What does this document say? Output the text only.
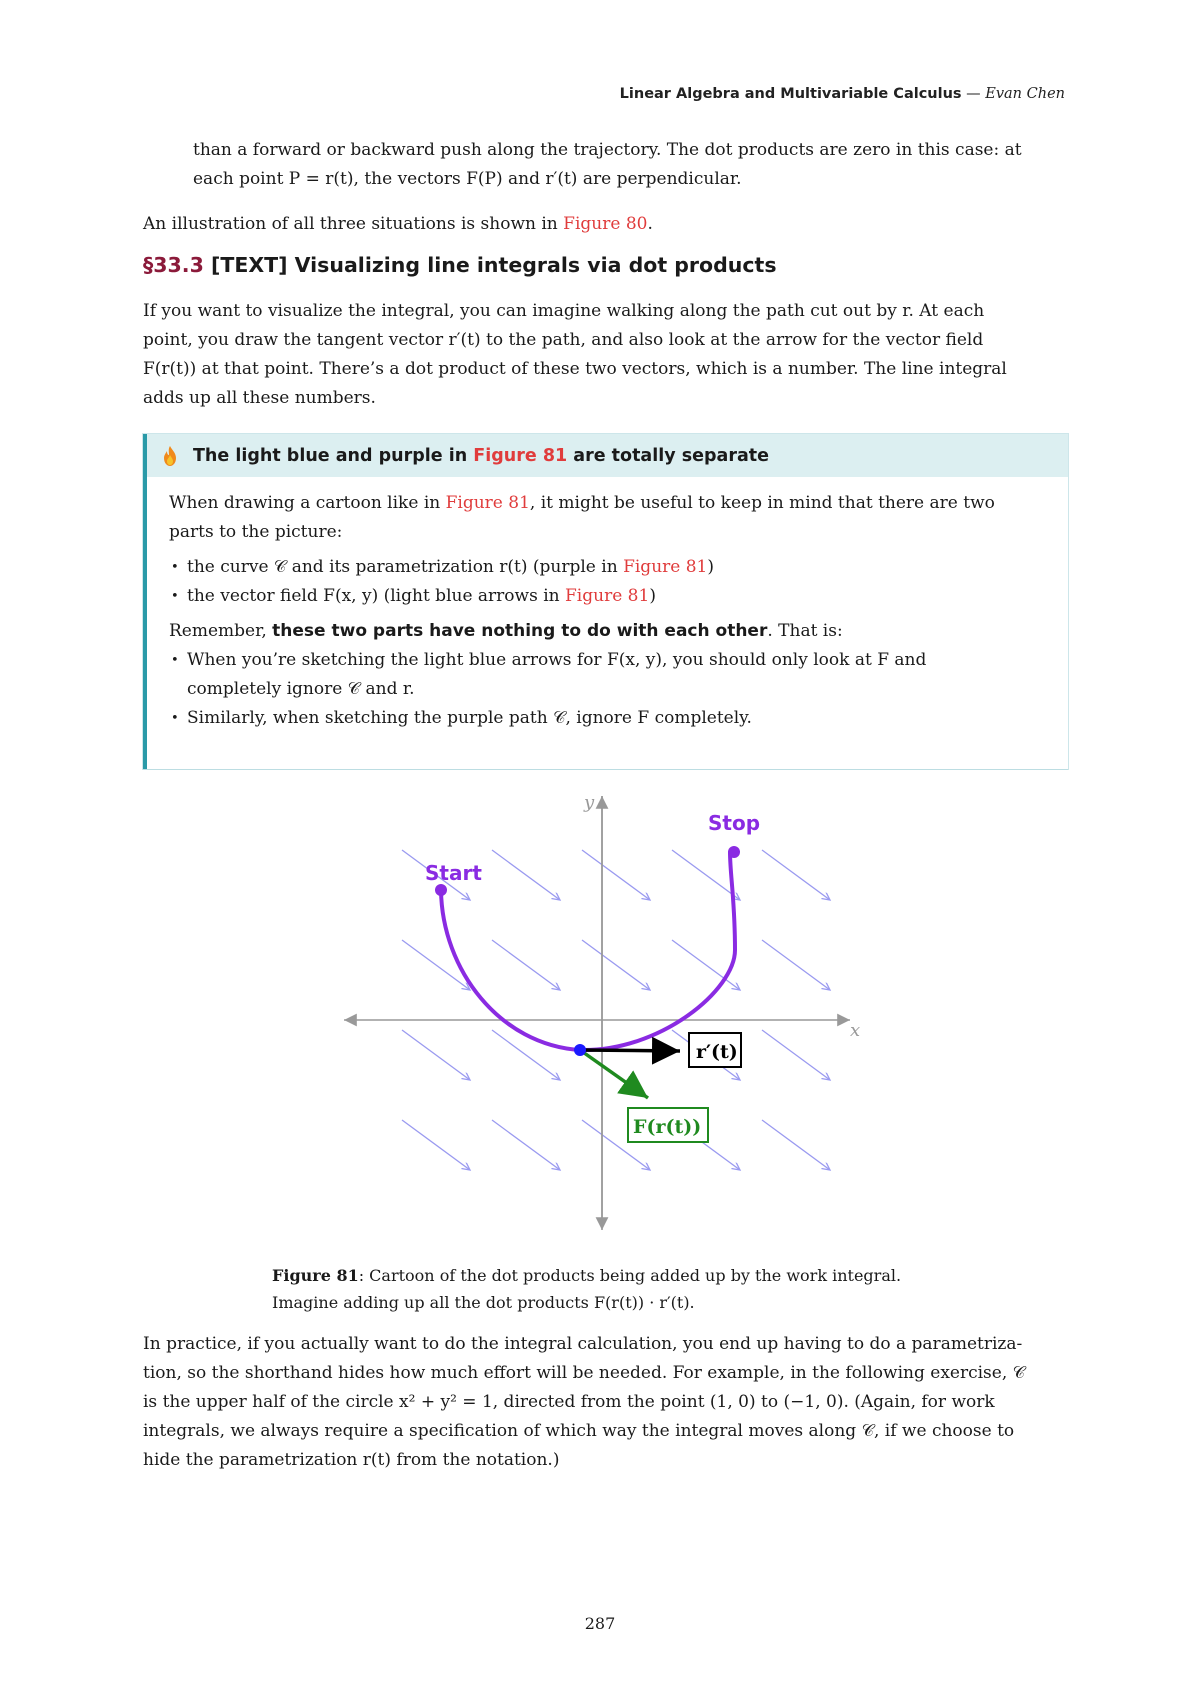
Linear Algebra and Multivariable Calculus — Evan Chen
than a forward or backward push along the trajectory. The dot products are zero in this case: at
each point P = r(t), the vectors F(P) and r′(t) are perpendicular.
An illustration of all three situations is shown in Figure 80.
§33.3 [TEXT] Visualizing line integrals via dot products
If you want to visualize the integral, you can imagine walking along the path cut out by r. At each
point, you draw the tangent vector r′(t) to the path, and also look at the arrow for the vector field
F(r(t)) at that point. There’s a dot product of these two vectors, which is a number. The line integral
adds up all these numbers.
The light blue and purple in Figure 81 are totally separate

When drawing a cartoon like in Figure 81, it might be useful to keep in mind that there are two

parts to the picture:

• the curve 𝒞 and its parametrization r(t) (purple in Figure 81)
• the vector field F(x, y) (light blue arrows in Figure 81)

Remember, these two parts have nothing to do with each other. That is:

• When you’re sketching the light blue arrows for F(x, y), you should only look at F and
completely ignore 𝒞 and r.
• Similarly, when sketching the purple path 𝒞, ignore F completely.
y
x
Start
Stop
r′(t)
F(r(t))
Figure 81: Cartoon of the dot products being added up by the work integral.
Imagine adding up all the dot products F(r(t)) · r′(t).
In practice, if you actually want to do the integral calculation, you end up having to do a parametriza-
tion, so the shorthand hides how much effort will be needed. For example, in the following exercise, 𝒞
is the upper half of the circle x² + y² = 1, directed from the point (1, 0) to (−1, 0). (Again, for work
integrals, we always require a specification of which way the integral moves along 𝒞, if we choose to
hide the parametrization r(t) from the notation.)
287
